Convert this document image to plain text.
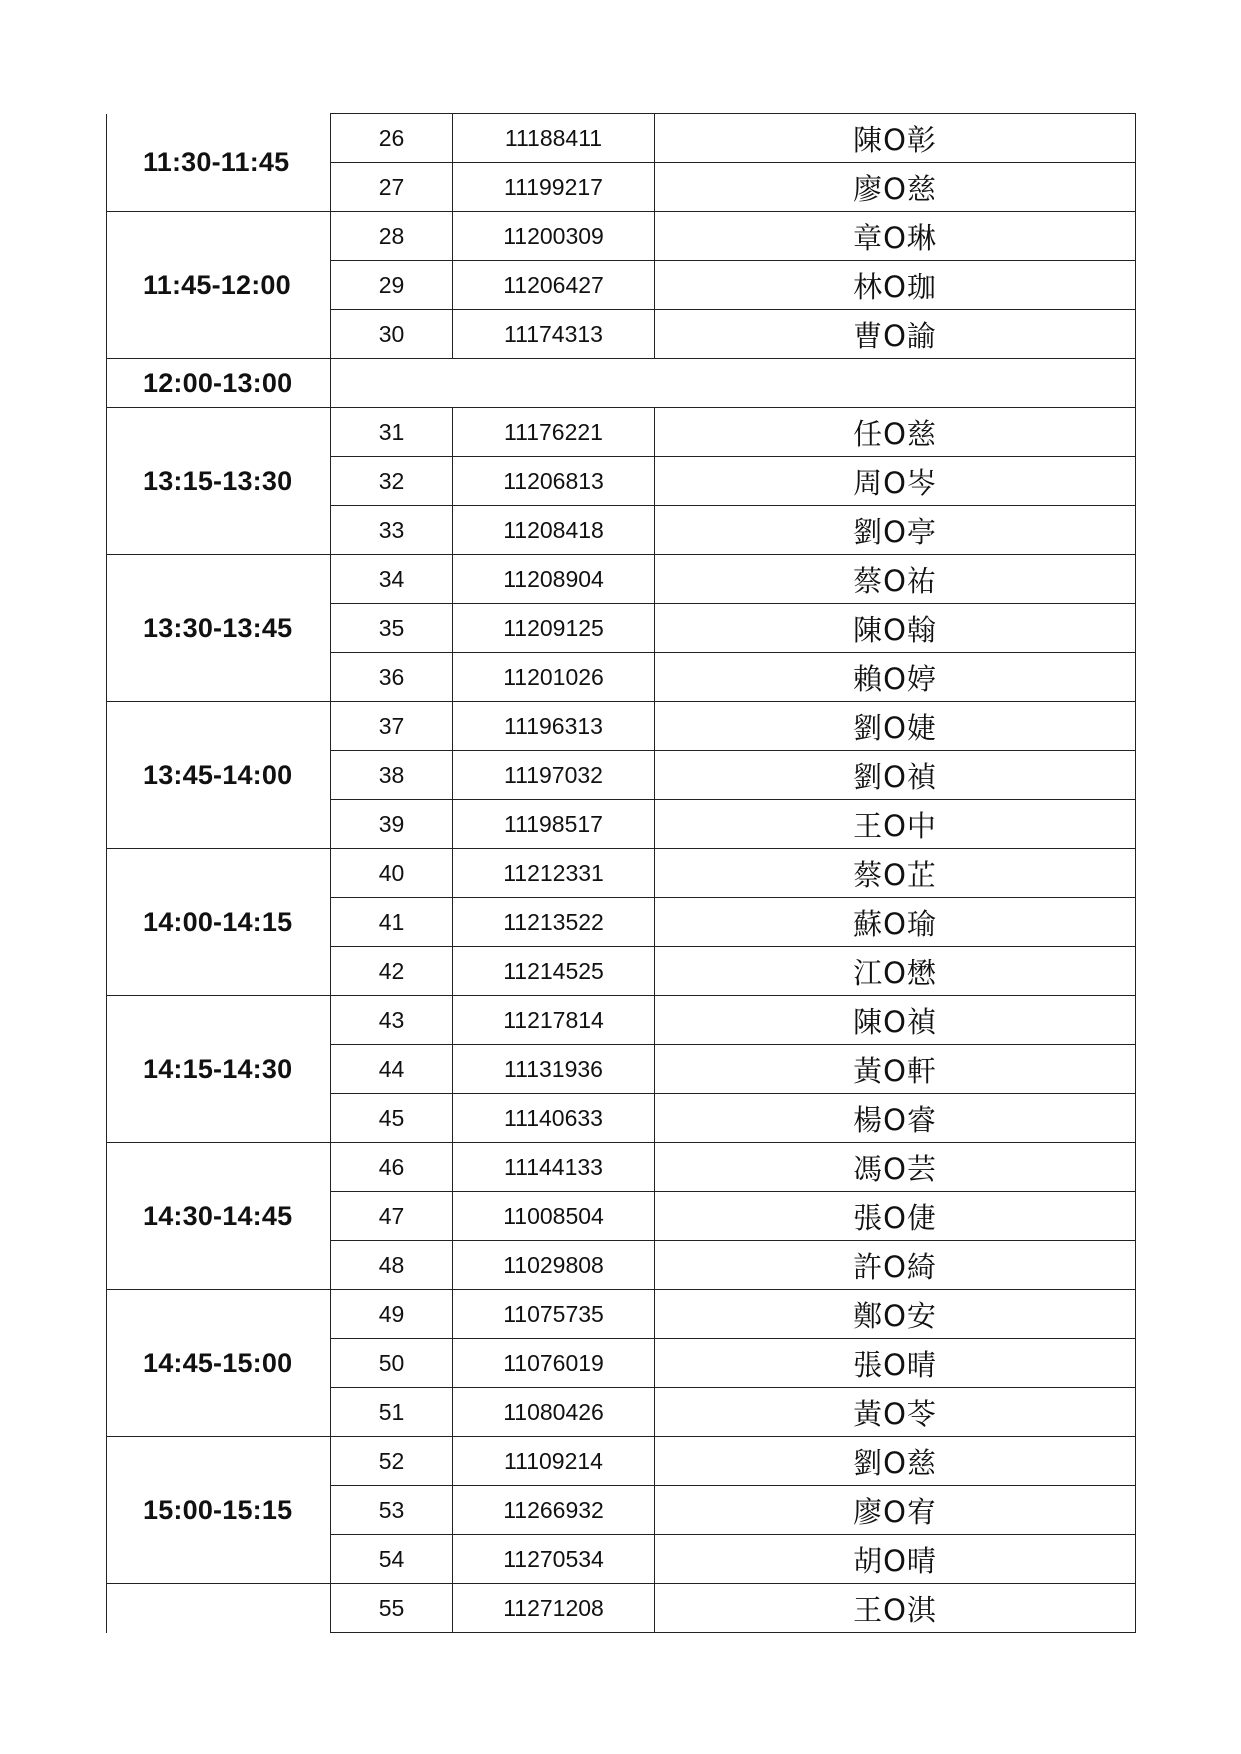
11:30-11:45	26	11188411	陳O彰
	27	11199217	廖O慈
11:45-12:00	28	11200309	章O琳
	29	11206427	林O珈
	30	11174313	曹O諭
12:00-13:00			
13:15-13:30	31	11176221	任O慈
	32	11206813	周O岑
	33	11208418	劉O亭
13:30-13:45	34	11208904	蔡O祐
	35	11209125	陳O翰
	36	11201026	賴O婷
13:45-14:00	37	11196313	劉O婕
	38	11197032	劉O禎
	39	11198517	王O中
14:00-14:15	40	11212331	蔡O芷
	41	11213522	蘇O瑜
	42	11214525	江O懋
14:15-14:30	43	11217814	陳O禎
	44	11131936	黃O軒
	45	11140633	楊O睿
14:30-14:45	46	11144133	馮O芸
	47	11008504	張O倢
	48	11029808	許O綺
14:45-15:00	49	11075735	鄭O安
	50	11076019	張O晴
	51	11080426	黃O苓
15:00-15:15	52	11109214	劉O慈
	53	11266932	廖O宥
	54	11270534	胡O晴
	55	11271208	王O淇
